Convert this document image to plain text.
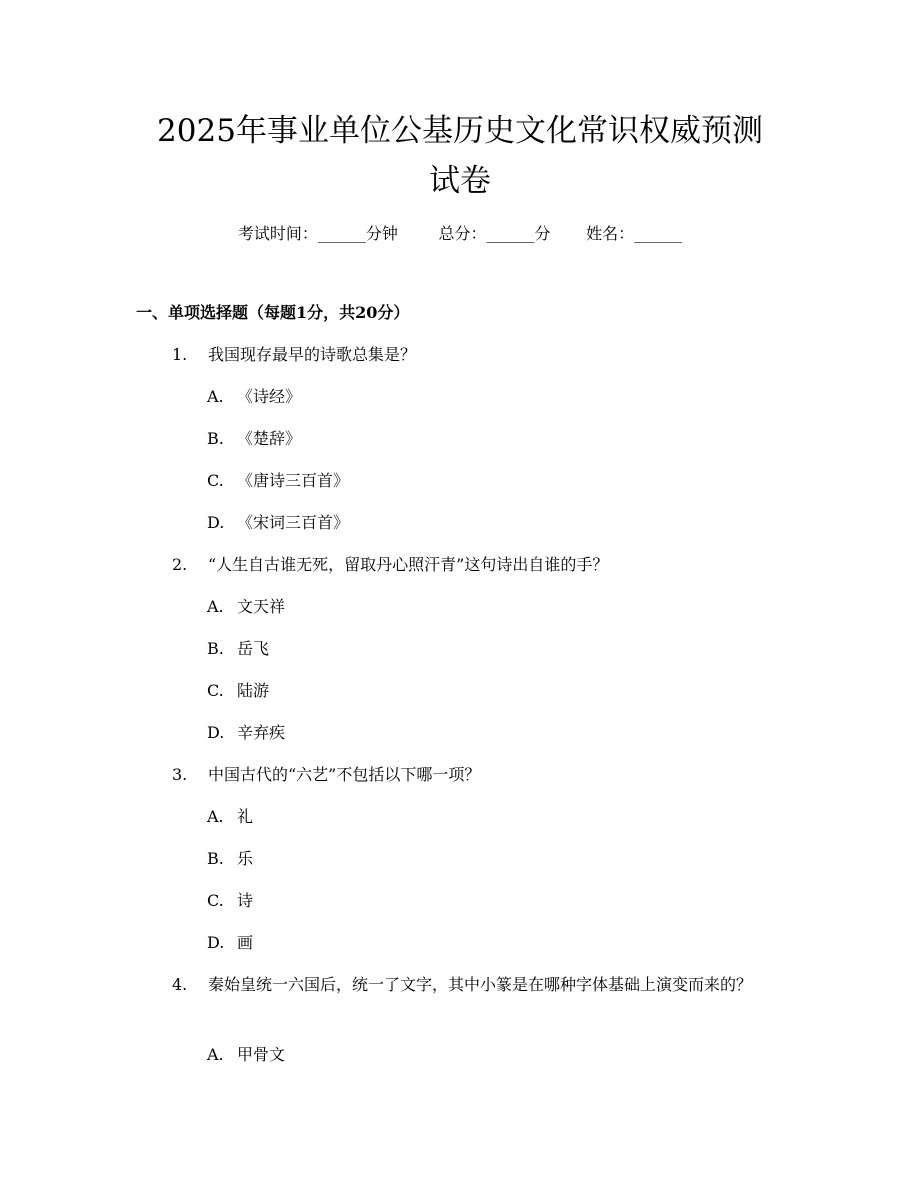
2025年事业单位公基历史文化常识权威预测
试卷
考试时间：______分钟	总分：______分 姓名：______
一、单项选择题（每题1分，共20分）
1. 我国现存最早的诗歌总集是？
A. 《诗经》
B. 《楚辞》
C. 《唐诗三百首》
D. 《宋词三百首》
2. “人生自古谁无死，留取丹心照汗青”这句诗出自谁的手？
A. 文天祥
B. 岳飞
C. 陆游
D. 辛弃疾
3. 中国古代的“六艺”不包括以下哪一项？
A. 礼
B. 乐
C. 诗
D. 画
4. 秦始皇统一六国后，统一了文字，其中小篆是在哪种字体基础上演变而来的？
A. 甲骨文
